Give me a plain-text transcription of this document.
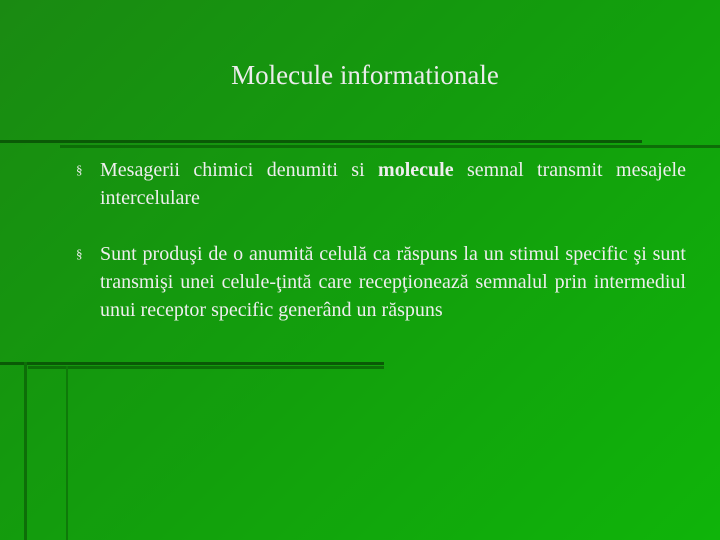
Molecule informationale
§ Mesagerii chimici denumiti si molecule semnal transmit mesajele intercelulare
§ Sunt produşi de o anumită celulă ca răspuns la un stimul specific şi sunt transmişi unei celule-ţintă care recepţionează semnalul prin intermediul unui receptor specific generând un răspuns
